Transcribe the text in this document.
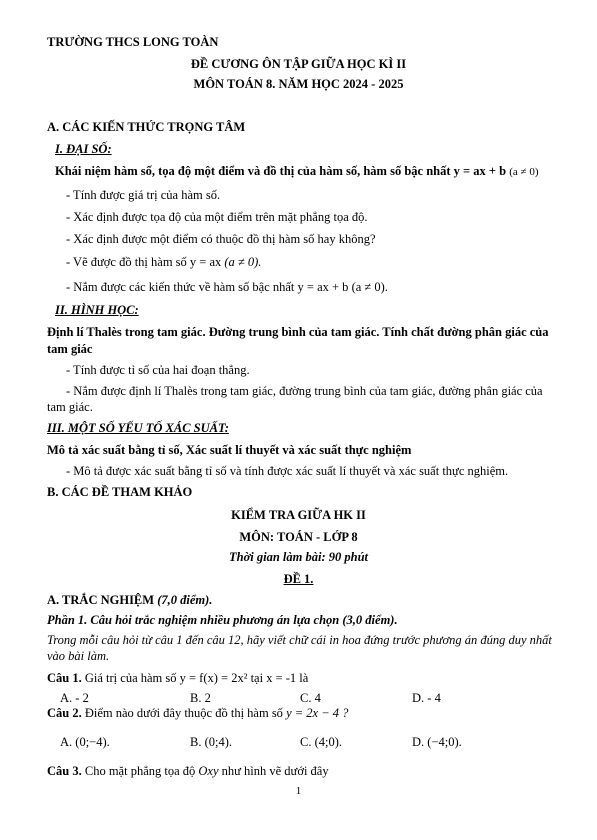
TRƯỜNG THCS LONG TOÀN
ĐỀ CƯƠNG ÔN TẬP GIỮA HỌC KÌ II
MÔN TOÁN 8. NĂM HỌC 2024 - 2025
A. CÁC KIẾN THỨC TRỌNG TÂM
I. ĐẠI SỐ:
Khái niệm hàm số, tọa độ một điểm và đồ thị của hàm số, hàm số bậc nhất y = ax + b (a ≠ 0)
- Tính được giá trị của hàm số.
- Xác định được tọa độ của một điểm trên mặt phẳng tọa độ.
- Xác định được một điểm có thuộc đồ thị hàm số hay không?
- Vẽ được đồ thị hàm số y = ax (a ≠ 0).
- Nắm được các kiến thức về hàm số bậc nhất y = ax + b (a ≠ 0).
II. HÌNH HỌC:
Định lí Thalès trong tam giác. Đường trung bình của tam giác. Tính chất đường phân giác của
tam giác
- Tính được tỉ số của hai đoạn thẳng.
- Nắm được định lí Thalès trong tam giác, đường trung bình của tam giác, đường phân giác của
tam giác.
III. MỘT SỐ YẾU TỐ XÁC SUẤT:
Mô tả xác suất bằng tỉ số, Xác suất lí thuyết và xác suất thực nghiệm
- Mô tả được xác suất bằng tỉ số và tính được xác suất lí thuyết và xác suất thực nghiệm.
B. CÁC ĐỀ THAM KHẢO
KIỂM TRA GIỮA HK II
MÔN: TOÁN - LỚP 8
Thời gian làm bài: 90 phút
ĐỀ 1.
A. TRẮC NGHIỆM (7,0 điểm).
Phần 1. Câu hỏi trắc nghiệm nhiều phương án lựa chọn (3,0 điểm).
Trong mỗi câu hỏi từ câu 1 đến câu 12, hãy viết chữ cái in hoa đứng trước phương án đúng duy nhất
vào bài làm.
Câu 1. Giá trị của hàm số y = f(x) = 2x² tại x = -1 là
A. - 2	B. 2	C. 4	D. - 4
Câu 2. Điểm nào dưới đây thuộc đồ thị hàm số y = 2x − 4 ?
A. (0;−4).	B. (0;4).	C. (4;0).	D. (−4;0).
Câu 3. Cho mặt phẳng tọa độ Oxy như hình vẽ dưới đây
1
